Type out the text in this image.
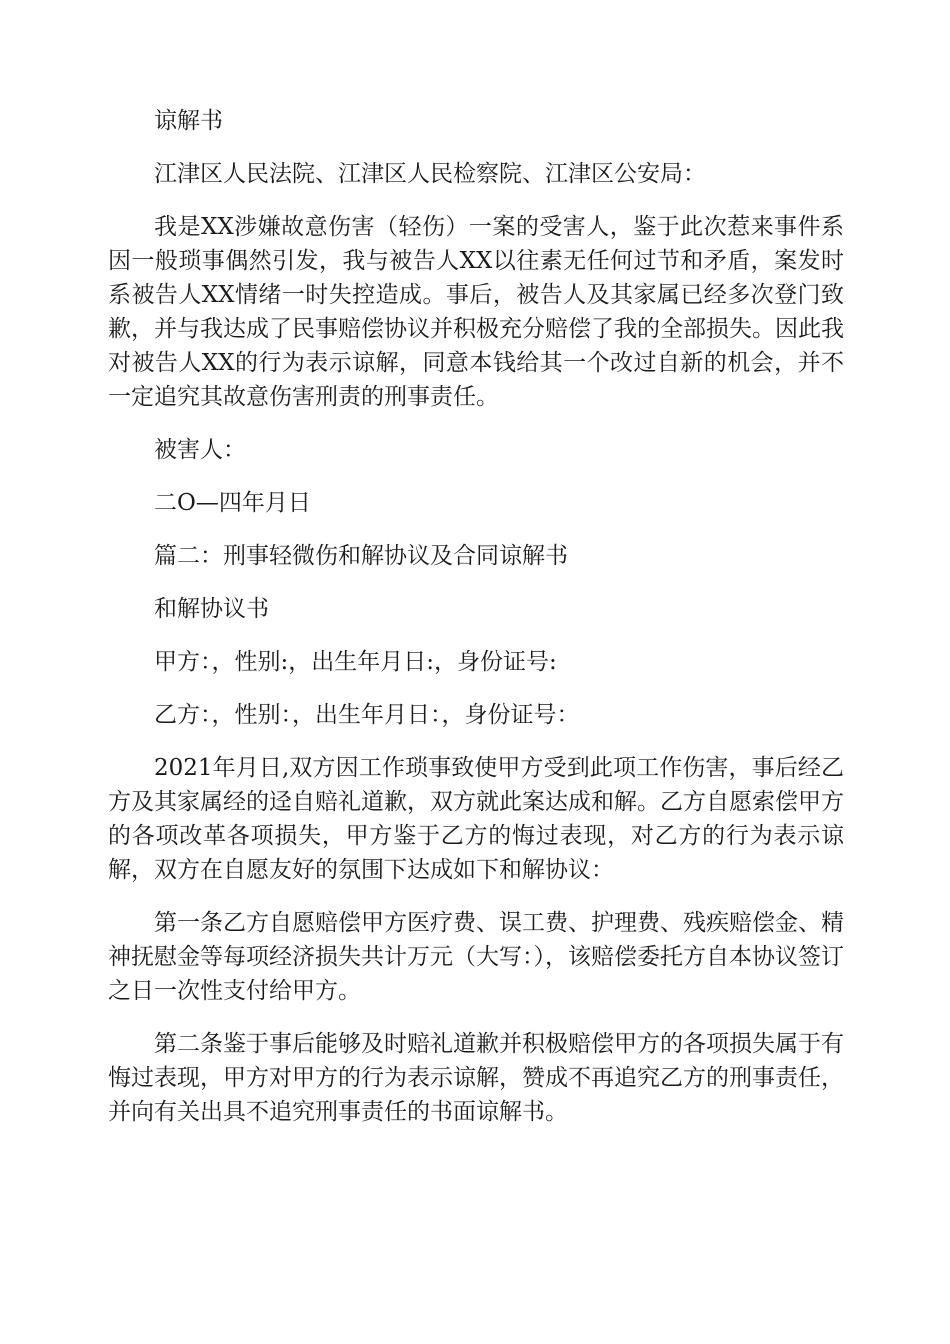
谅解书

江津区人民法院、江津区人民检察院、江津区公安局：

我是XX涉嫌故意伤害（轻伤）一案的受害人，鉴于此次惹来事件系因一般琐事偶然引发，我与被告人XX以往素无任何过节和矛盾，案发时系被告人XX情绪一时失控造成。事后，被告人及其家属已经多次登门致歉，并与我达成了民事赔偿协议并积极充分赔偿了我的全部损失。因此我对被告人XX的行为表示谅解，同意本钱给其一个改过自新的机会，并不一定追究其故意伤害刑责的刑事责任。

被害人：

二O—四年月日

篇二：刑事轻微伤和解协议及合同谅解书

和解协议书

甲方：，性别:，出生年月日:，身份证号:

乙方：，性别：，出生年月日：，身份证号：

2021年月日,双方因工作琐事致使甲方受到此项工作伤害，事后经乙方及其家属经的迳自赔礼道歉，双方就此案达成和解。乙方自愿索偿甲方的各项改革各项损失，甲方鉴于乙方的悔过表现，对乙方的行为表示谅解，双方在自愿友好的氛围下达成如下和解协议：

第一条乙方自愿赔偿甲方医疗费、误工费、护理费、残疾赔偿金、精神抚慰金等每项经济损失共计万元（大写：），该赔偿委托方自本协议签订之日一次性支付给甲方。

第二条鉴于事后能够及时赔礼道歉并积极赔偿甲方的各项损失属于有悔过表现，甲方对甲方的行为表示谅解，赞成不再追究乙方的刑事责任，并向有关出具不追究刑事责任的书面谅解书。
